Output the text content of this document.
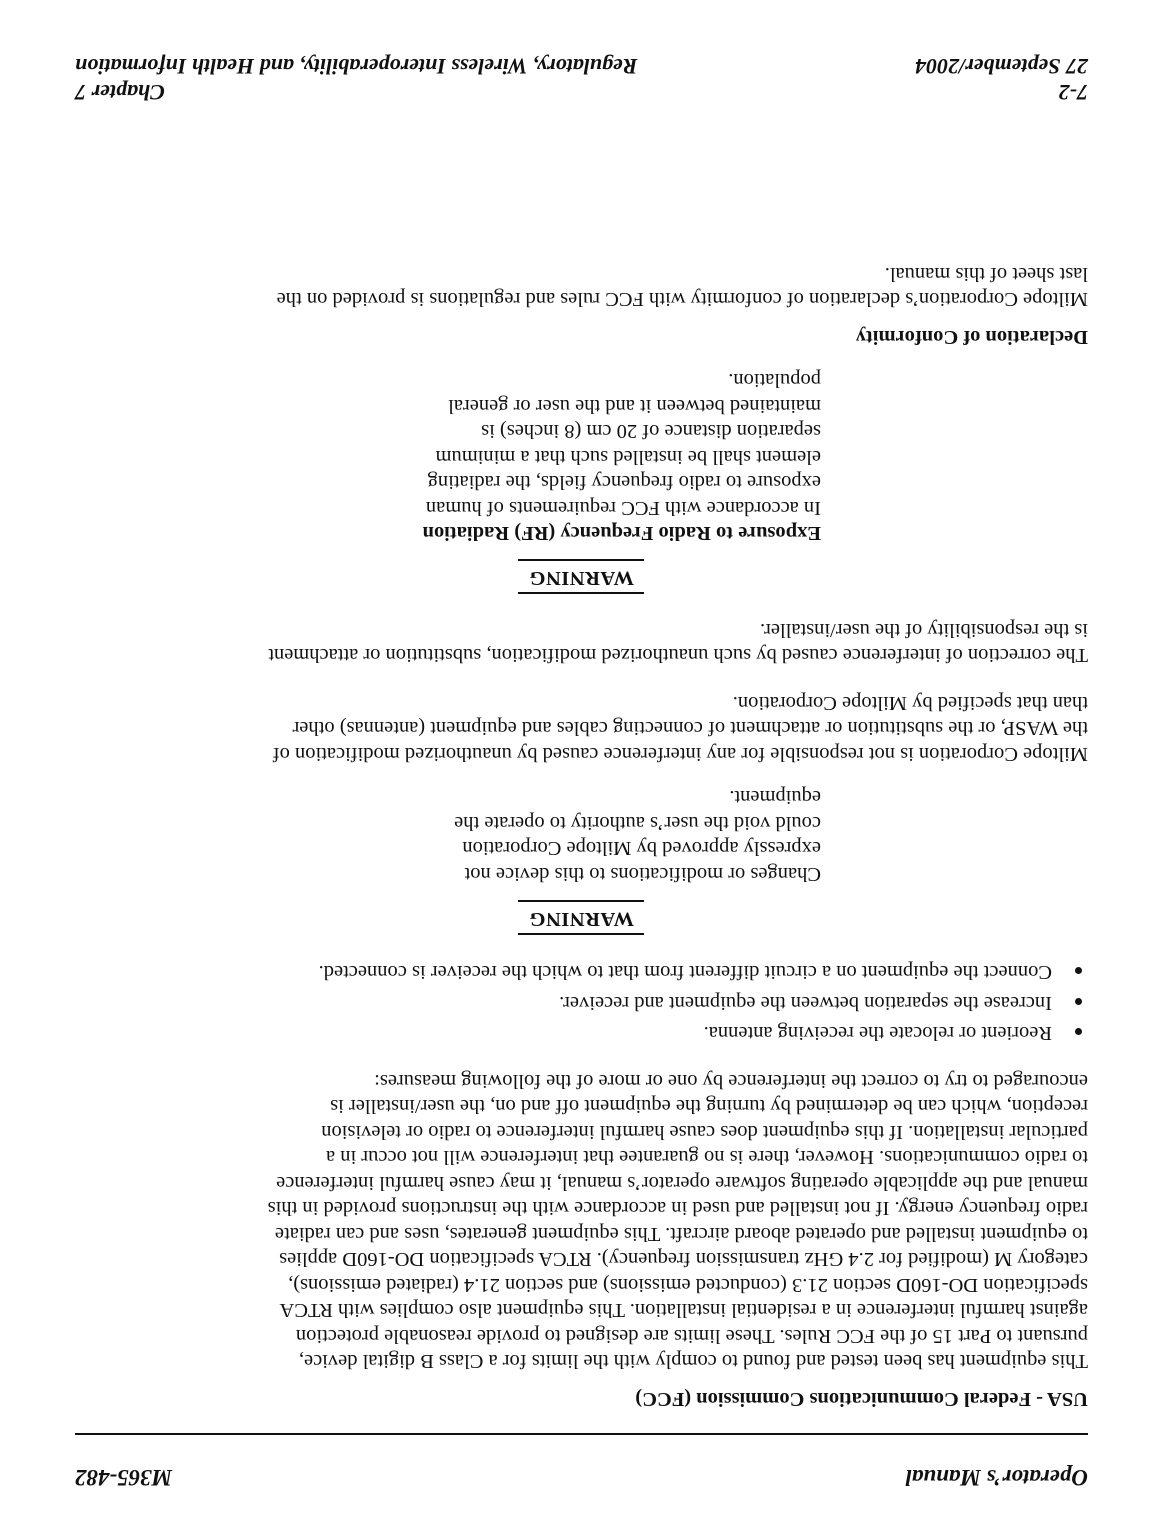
Operator’s Manual
M365-482
USA - Federal Communications Commission (FCC)

This equipment has been tested and found to comply with the limits for a Class B digital device,

pursuant to Part 15 of the FCC Rules. These limits are designed to provide reasonable protection

against harmful interference in a residential installation. This equipment also complies with RTCA

specification DO-160D section 21.3 (conducted emissions) and section 21.4 (radiated emissions),

category M (modified for 2.4 GHz transmission frequency). RTCA specification DO-160D applies

to equipment installed and operated aboard aircraft. This equipment generates, uses and can radiate

radio frequency energy. If not installed and used in accordance with the instructions provided in this

manual and the applicable operating software operator’s manual, it may cause harmful interference

to radio communications. However, there is no guarantee that interference will not occur in a

particular installation. If this equipment does cause harmful interference to radio or television

reception, which can be determined by turning the equipment off and on, the user/installer is

encouraged to try to correct the interference by one or more of the following measures:

Reorient or relocate the receiving antenna.
Increase the separation between the equipment and receiver.
Connect the equipment on a circuit different from that to which the receiver is connected.
WARNING

Changes or modifications to this device not

expressly approved by Miltope Corporation

could void the user’s authority to operate the

equipment.

Miltope Corporation is not responsible for any interference caused by unauthorized modification of

the WASP, or the substitution or attachment of connecting cables and equipment (antennas) other

than that specified by Miltope Corporation.

The correction of interference caused by such unauthorized modification, substitution or attachment

is the responsibility of the user/installer.

WARNING

Exposure to Radio Frequency (RF) Radiation

In accordance with FCC requirements of human

exposure to radio frequency fields, the radiating

element shall be installed such that a minimum

separation distance of 20 cm (8 inches) is

maintained between it and the user or general

population.

Declaration of Conformity

Miltope Corporation’s declaration of conformity with FCC rules and regulations is provided on the

last sheet of this manual.

7-2
Chapter 7
27 September/2004
Regulatory, Wireless Interoperability, and Health Information
